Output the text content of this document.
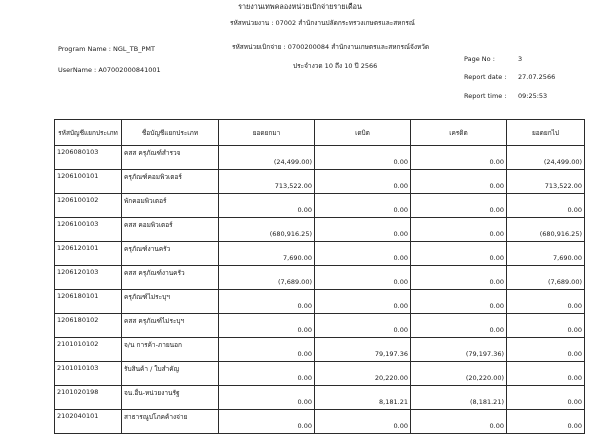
รายงานเทพคลองหน่วยเบิกจ่ายรายเดือน
รหัสหน่วยงาน : 07002 สำนักงานปลัดกระทรวงเกษตรและสหกรณ์
รหัสหน่วยเบิกจ่าย : 0700200084 สำนักงานเกษตรและสหกรณ์จังหวัด
ประจำงวด 10 ถึง 10 ปี 2566
Program Name : NGL_TB_PMT
UserName : A07002000841001
Page No :	3
Report date : 27.07.2566
Report time : 09:25:53
รหัสบัญชีแยกประเภท	ชื่อบัญชีแยกประเภท	ยอดยกมา	เดบิต	เครดิต	ยอดยกไป
1206080103	คสส ครุภัณฑ์สำรวจ	(24,499.00)	0.00	0.00	(24,499.00)

1206100101	ครุภัณฑ์คอมพิวเตอร์	713,522.00	0.00	0.00	713,522.00

1206100102	พักคอมพิวเตอร์	0.00	0.00	0.00	0.00

1206100103	คสส คอมพิวเตอร์	(680,916.25)	0.00	0.00	(680,916.25)

1206120101	ครุภัณฑ์งานครัว	7,690.00	0.00	0.00	7,690.00

1206120103	คสส ครุภัณฑ์งานครัว	(7,689.00)	0.00	0.00	(7,689.00)

1206180101	ครุภัณฑ์ไม่ระบุฯ	0.00	0.00	0.00	0.00

1206180102	คสส ครุภัณฑ์ไม่ระบุฯ	0.00	0.00	0.00	0.00

2101010102	จ/น การค้า-ภายนอก	0.00	79,197.36	(79,197.36)	0.00

2101010103	รับสินค้า / ใบสำคัญ	0.00	20,220.00	(20,220.00)	0.00

2101020198	จน.อื่น-หน่วยงานรัฐ	0.00	8,181.21	(8,181.21)	0.00

2102040101	สาธารณูปโภคค้างจ่าย	0.00	0.00	0.00	0.00
